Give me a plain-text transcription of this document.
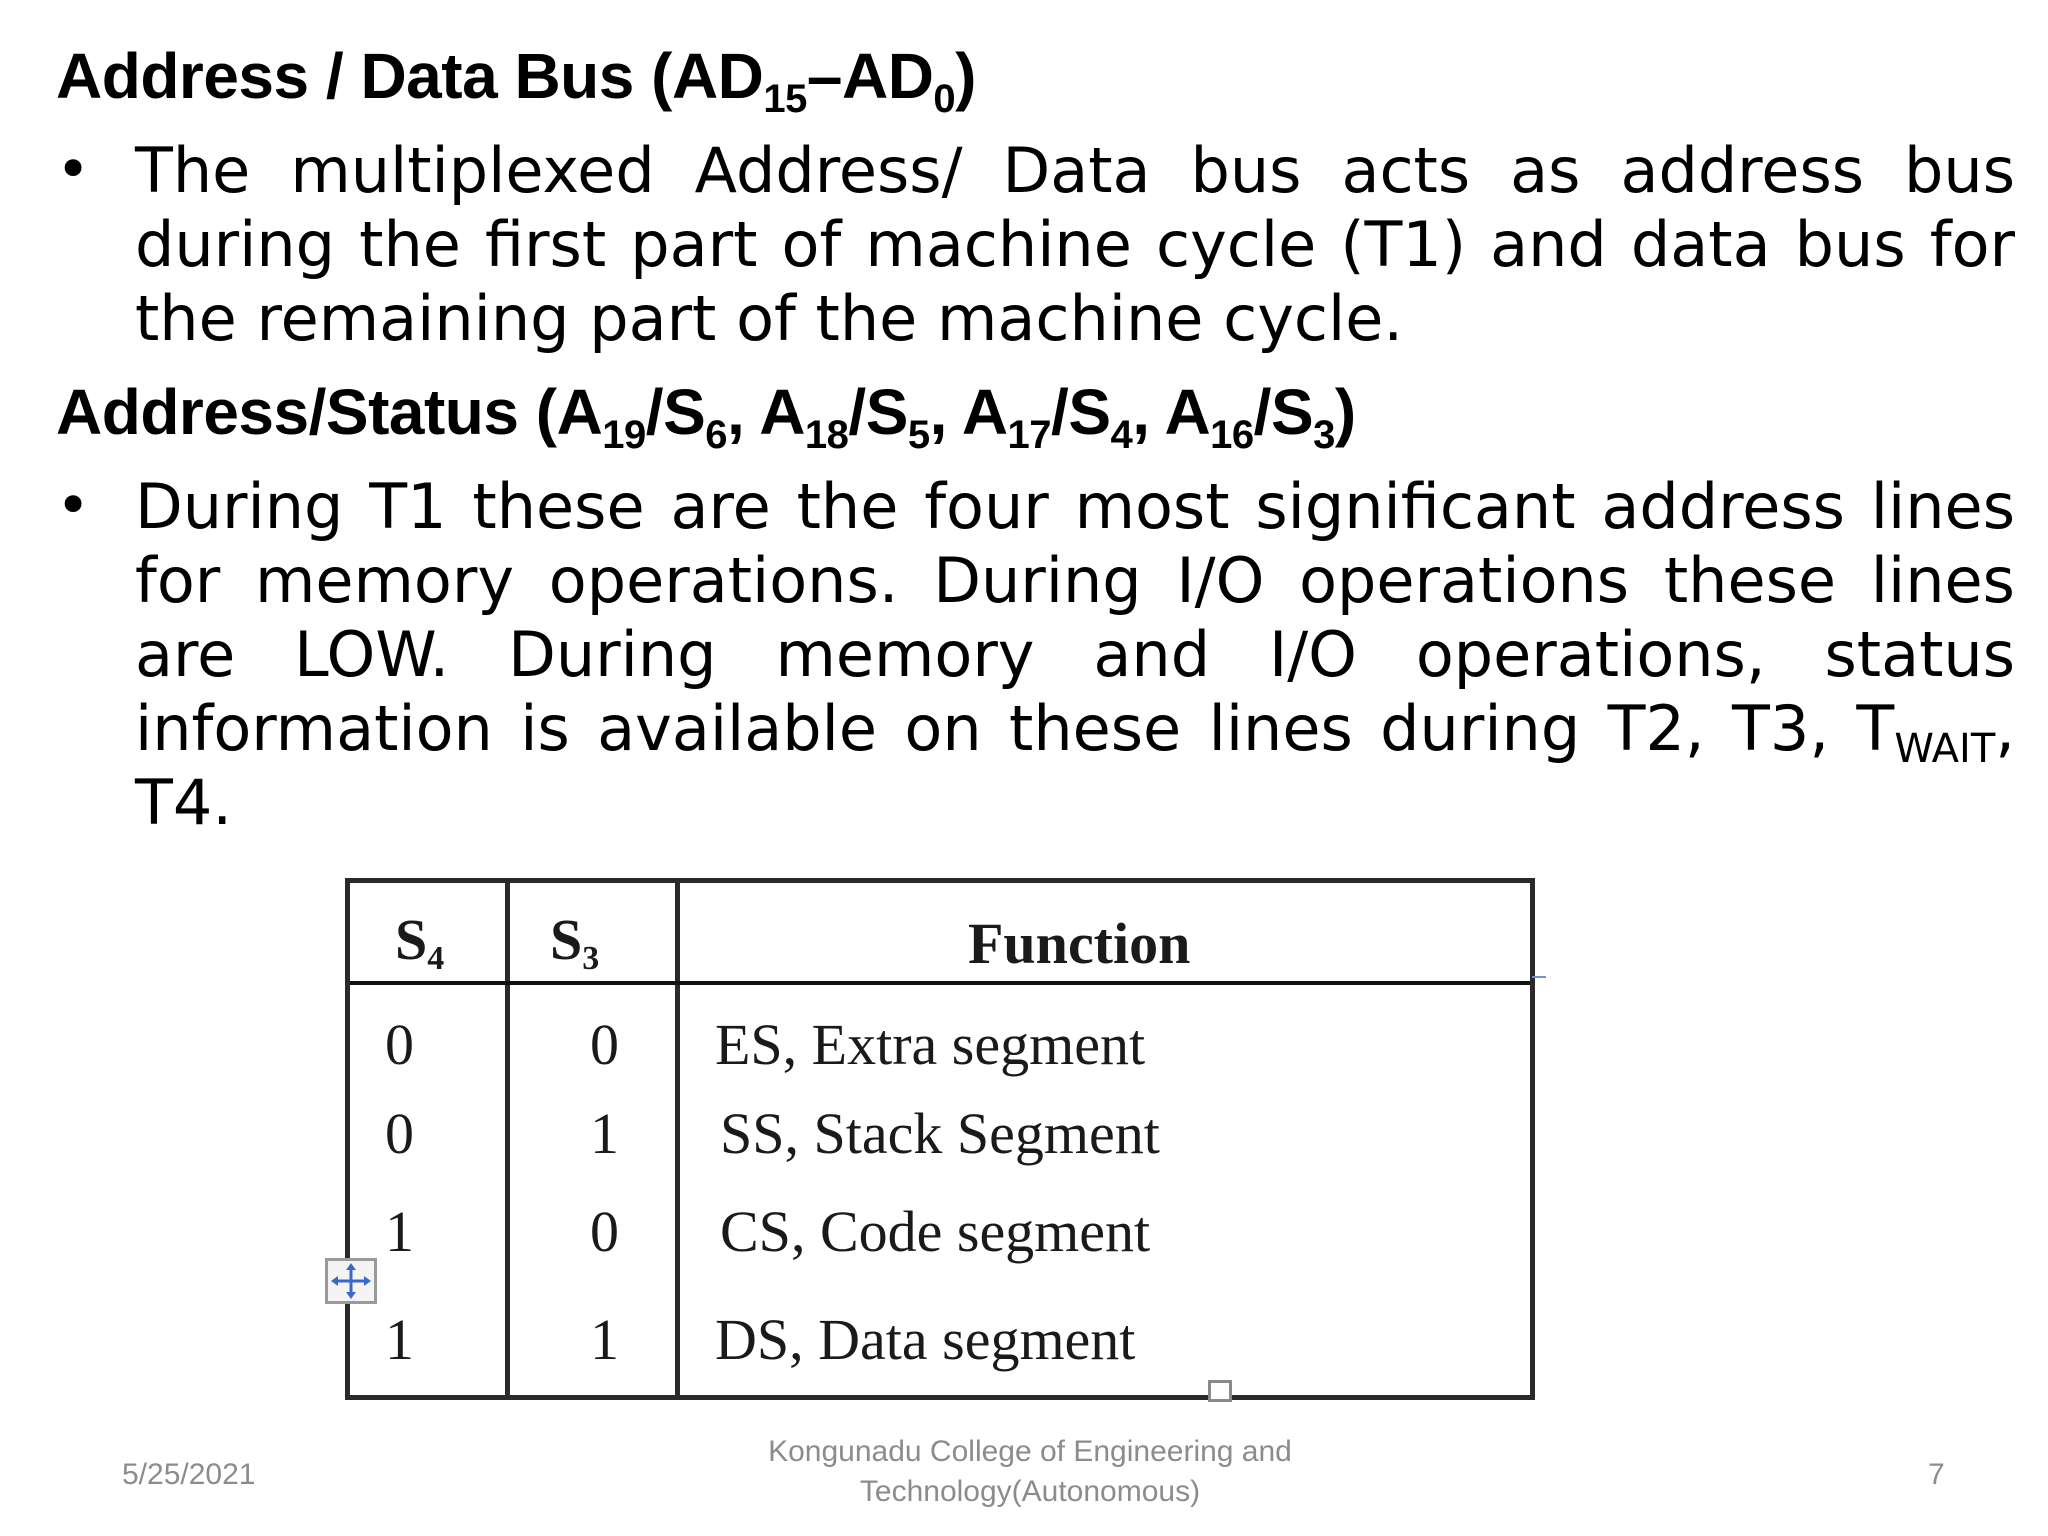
Address / Data Bus $(AD_{15}-AD_0)$
• The multiplexed Address/ Data bus acts as address bus during the first part of machine cycle (T1) and data bus for the remaining part of the machine cycle.
Address/Status ($A_{19}/S_6$, $A_{18}/S_5$, $A_{17}/S_4$, $A_{16}/S_3$)
• During T1 these are the four most significant address lines for memory operations. During I/O operations these lines are LOW. During memory and I/O operations, status information is available on these lines during T2, T3, $T_{WAIT}$, T4.
$S_4$ $S_3$	Function
0	0 ES, Extra segment
0	1 SS, Stack Segment
1	0 CS, Code segment
1	1 DS, Data segment
5/25/2021
Kongunadu College of Engineering and
Technology(Autonomous)
7
